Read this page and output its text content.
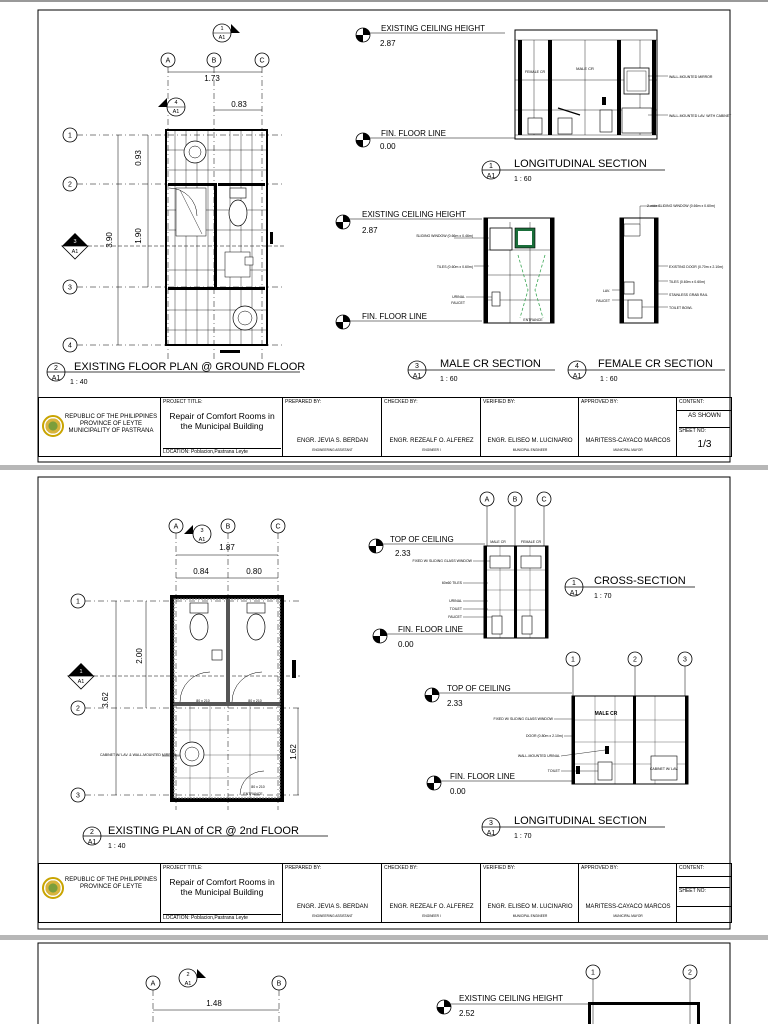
A	B	C
1
2
3
4
1
A1
4
A1
3
A1
1.73
0.83
3.90
0.93
1.90
2
A1
EXISTING FLOOR PLAN @ GROUND FLOOR
1 : 40
EXISTING CEILING HEIGHT
2.87
FIN. FLOOR LINE
0.00
FEMALE CR
MALE CR
WALL-MOUNTED MIRROR
WALL-MOUNTED LAV. WITH CABINET
1
A1
LONGITUDINAL SECTION
1 : 60
EXISTING CEILING HEIGHT
2.87
FIN. FLOOR LINE
SLIDING WINDOW (0.66m x 0.46m)
TILES (0.60m x 0.60m)
URINAL
FAUCET
ENTRANCE
2-wide SLIDING WINDOW (0.66m x 0.60m)
EXISTING DOOR (0.70m x 2.10m)
TILES (0.60m x 0.60m)
STAINLESS GRAB RAIL
TOILET BOWL
LAV.
FAUCET
3
A1
MALE CR SECTION
1 : 60
4
A1
FEMALE CR SECTION
1 : 60
REPUBLIC OF THE PHILIPPINES
PROVINCE OF LEYTE
MUNICIPALITY OF PASTRANA
PROJECT TITLE:
Repair of Comfort Rooms in the Municipal Building
LOCATION: Poblacion,Pastrana Leyte
PREPARED BY:
ENGR. JEVIA S. BERDAN
ENGINEERING ASSISTANT
CHECKED BY:
ENGR. REZEALF O. ALFEREZ
ENGINEER I
VERIFIED BY:
ENGR. ELISEO M. LUCINARIO
MUNICIPAL ENGINEER
APPROVED BY:
MARITESS-CAYACO MARCOS
MUNICIPAL MAYOR
CONTENT:
AS SHOWN
SHEET NO:
1/3
A	B	C
3
A1
1
2
3
1
A1
1.87
0.84	0.80
3.62
2.00
1.62
80 x 210	80 x 210
80 x 210
ENTRANCE
CABINET W/ LAV. & WALL-MOUNTED MIRROR
2
A1
EXISTING PLAN of CR @ 2nd FLOOR
1 : 40
A	B	C
TOP OF CEILING
2.33
FIN. FLOOR LINE
0.00
MALE CR	FEMALE CR
FIXED W/ SLIDING GLASS WINDOW
60x60 TILES
URINAL
TOILET
FAUCET
1
A1
CROSS-SECTION
1 : 70
1	2	3
TOP OF CEILING
2.33
FIN. FLOOR LINE
0.00
MALE CR
FIXED W/ SLIDING GLASS WINDOW
DOOR (0.80m x 2.10m)
WALL-MOUNTED URINAL
TOILET	CABINET W/ LAV.
3
A1
LONGITUDINAL SECTION
1 : 70
REPUBLIC OF THE PHILIPPINES
PROVINCE OF LEYTE
PROJECT TITLE:
Repair of Comfort Rooms in the Municipal Building
LOCATION: Poblacion,Pastrana Leyte
PREPARED BY:
ENGR. JEVIA S. BERDAN
ENGINEERING ASSISTANT
CHECKED BY:
ENGR. REZEALF O. ALFEREZ
ENGINEER I
VERIFIED BY:
ENGR. ELISEO M. LUCINARIO
MUNICIPAL ENGINEER
APPROVED BY:
MARITESS-CAYACO MARCOS
MUNICIPAL MAYOR
CONTENT:
SHEET NO:
A	B
2
A1
1.48
1	2
EXISTING CEILING HEIGHT
2.52
